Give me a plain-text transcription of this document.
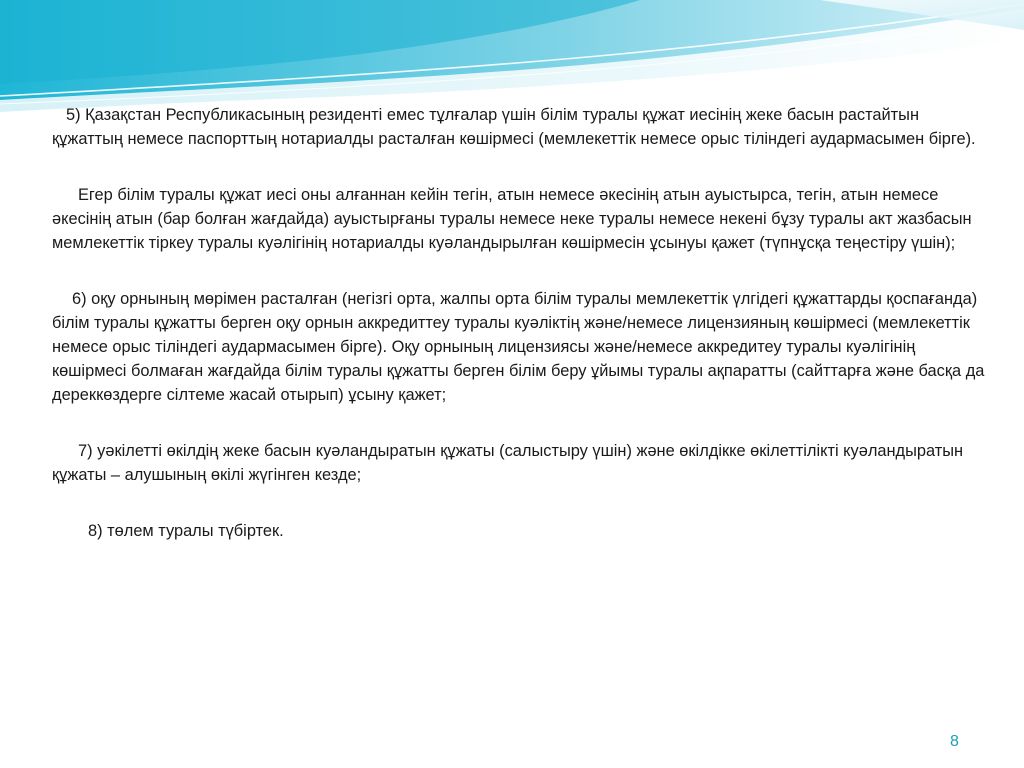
5) Қазақстан Республикасының резиденті емес тұлғалар үшін білім туралы құжат иесінің жеке басын растайтын құжаттың немесе паспорттың нотариалды расталған көшірмесі (мемлекеттік немесе орыс тіліндегі аудармасымен бірге).

Егер білім туралы құжат иесі оны алғаннан кейін тегін, атын немесе әкесінің атын ауыстырса, тегін, атын немесе әкесінің атын (бар болған жағдайда) ауыстырғаны туралы немесе неке туралы немесе некені бұзу туралы акт жазбасын мемлекеттік тіркеу туралы куәлігінің нотариалды куәландырылған көшірмесін ұсынуы қажет (түпнұсқа теңестіру үшін);

6) оқу орнының мөрімен расталған (негізгі орта, жалпы орта білім туралы мемлекеттік үлгідегі құжаттарды қоспағанда) білім туралы құжатты берген оқу орнын аккредиттеу туралы куәліктің және/немесе лицензияның көшірмесі (мемлекеттік немесе орыс тіліндегі аудармасымен бірге). Оқу орнының лицензиясы және/немесе аккредитеу туралы куәлігінің көшірмесі болмаған жағдайда білім туралы құжатты берген білім беру ұйымы туралы ақпаратты (сайттарға және басқа да дереккөздерге сілтеме жасай отырып) ұсыну қажет;

7) уәкілетті өкілдің жеке басын куәландыратын құжаты (салыстыру үшін) және өкілдікке өкілеттілікті куәландыратын құжаты – алушының өкілі жүгінген кезде;

8) төлем туралы түбіртек.

8
